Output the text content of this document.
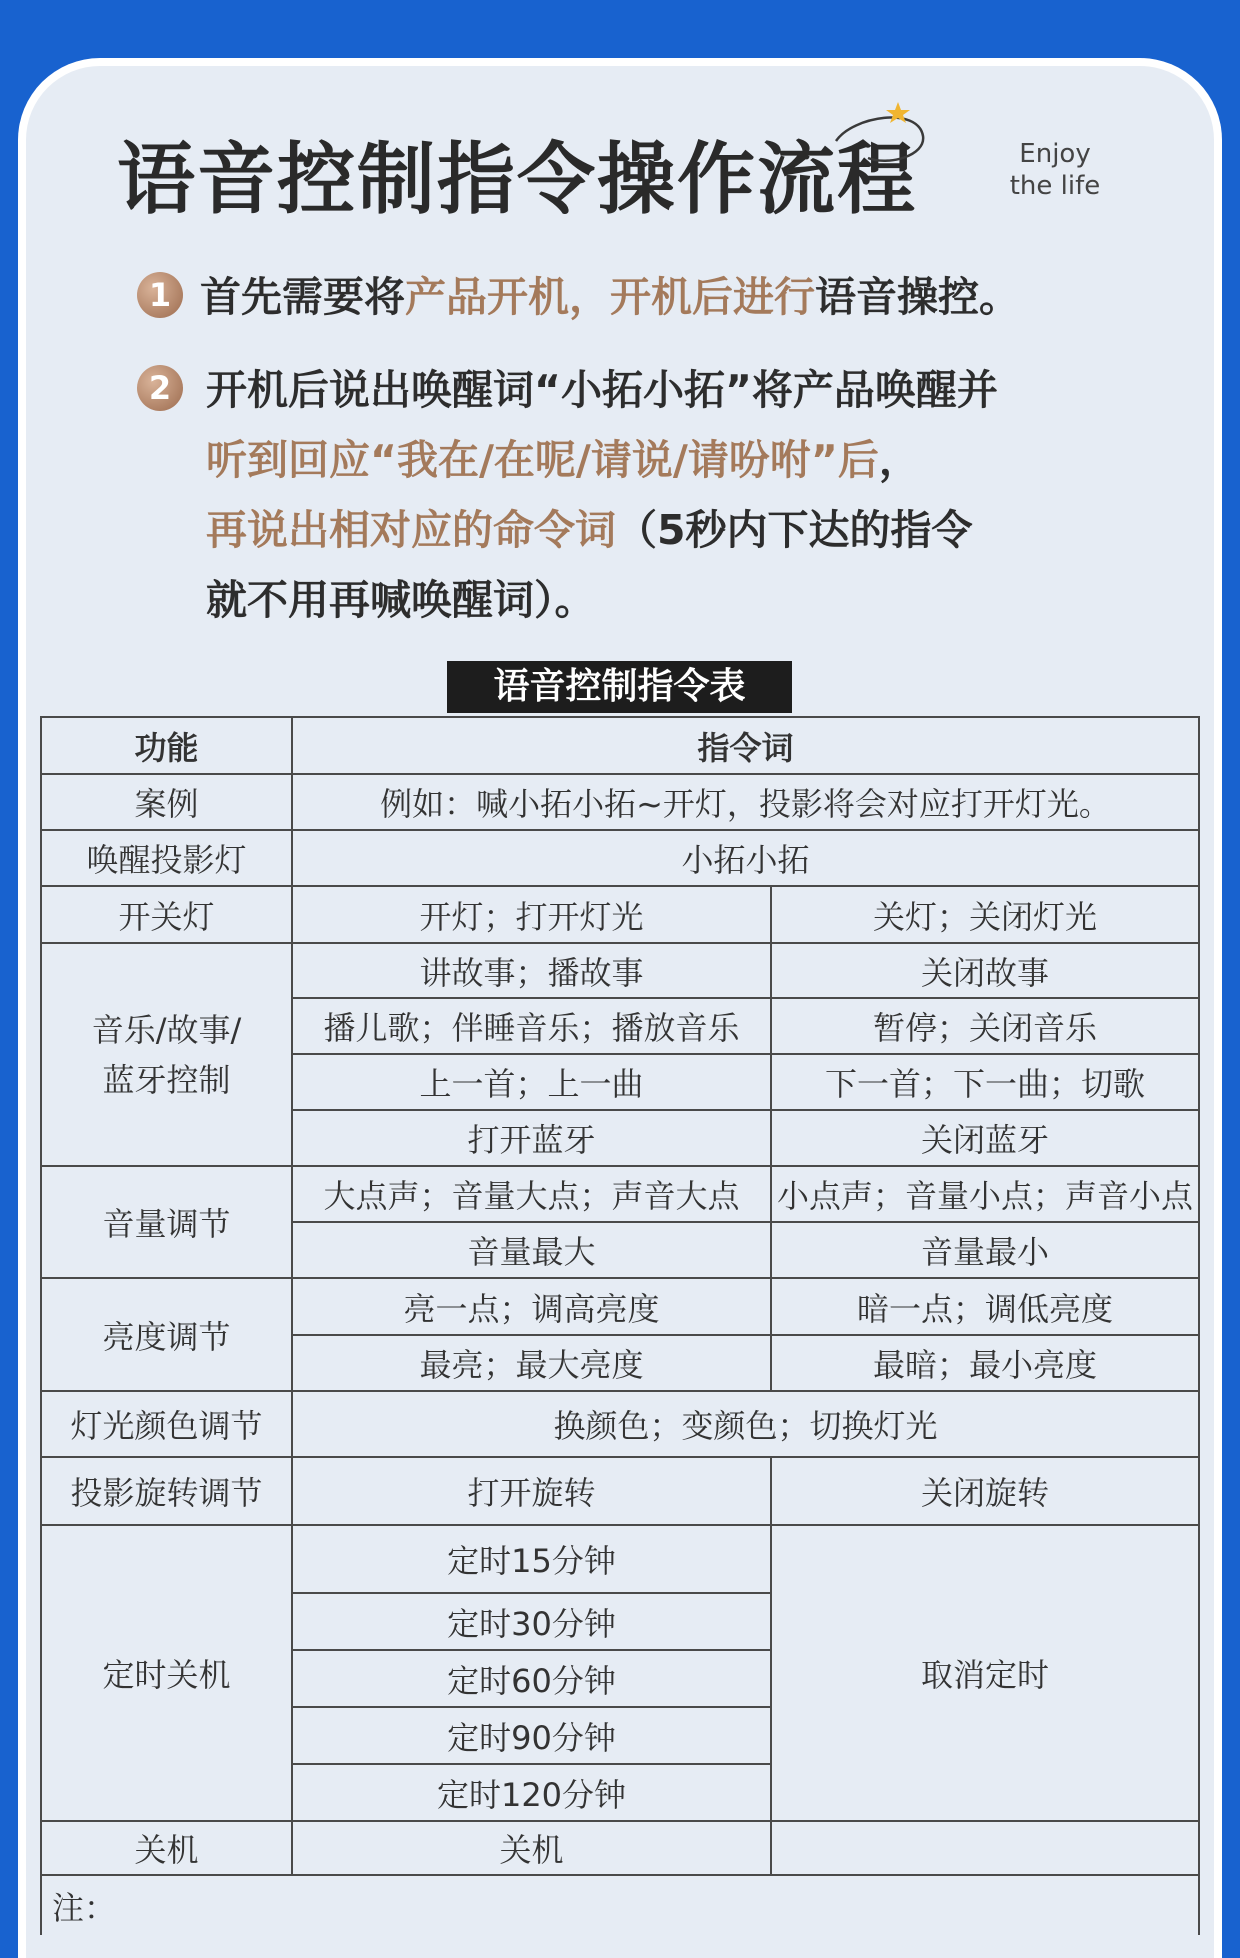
语音控制指令操作流程	Enjoy
the life
1 首先需要将产品开机，开机后进行语音操控。
2 开机后说出唤醒词“小拓小拓”将产品唤醒并
听到回应“我在/在呢/请说/请吩咐”后，
再说出相对应的命令词（5秒内下达的指令
就不用再喊唤醒词）。
语音控制指令表
功能	指令词	
案例	例如：喊小拓小拓~开灯，投影将会对应打开灯光。	
唤醒投影灯	小拓小拓	
开关灯	开灯；打开灯光	关灯；关闭灯光

音乐/故事/
蓝牙控制	讲故事；播故事	关闭故事
	播儿歌；伴睡音乐；播放音乐	暂停；关闭音乐
	上一首；上一曲	下一首；下一曲；切歌
	打开蓝牙	关闭蓝牙
音量调节	大点声；音量大点；声音大点	小点声；音量小点；声音小点
	音量最大	音量最小
亮度调节	亮一点；调高亮度	暗一点；调低亮度
	最亮；最大亮度	最暗；最小亮度
灯光颜色调节	换颜色；变颜色；切换灯光	
投影旋转调节	打开旋转	关闭旋转
定时关机	定时15分钟	取消定时
	定时30分钟	
	定时60分钟	
	定时90分钟	
	定时120分钟	
关机	关机	
注：		
